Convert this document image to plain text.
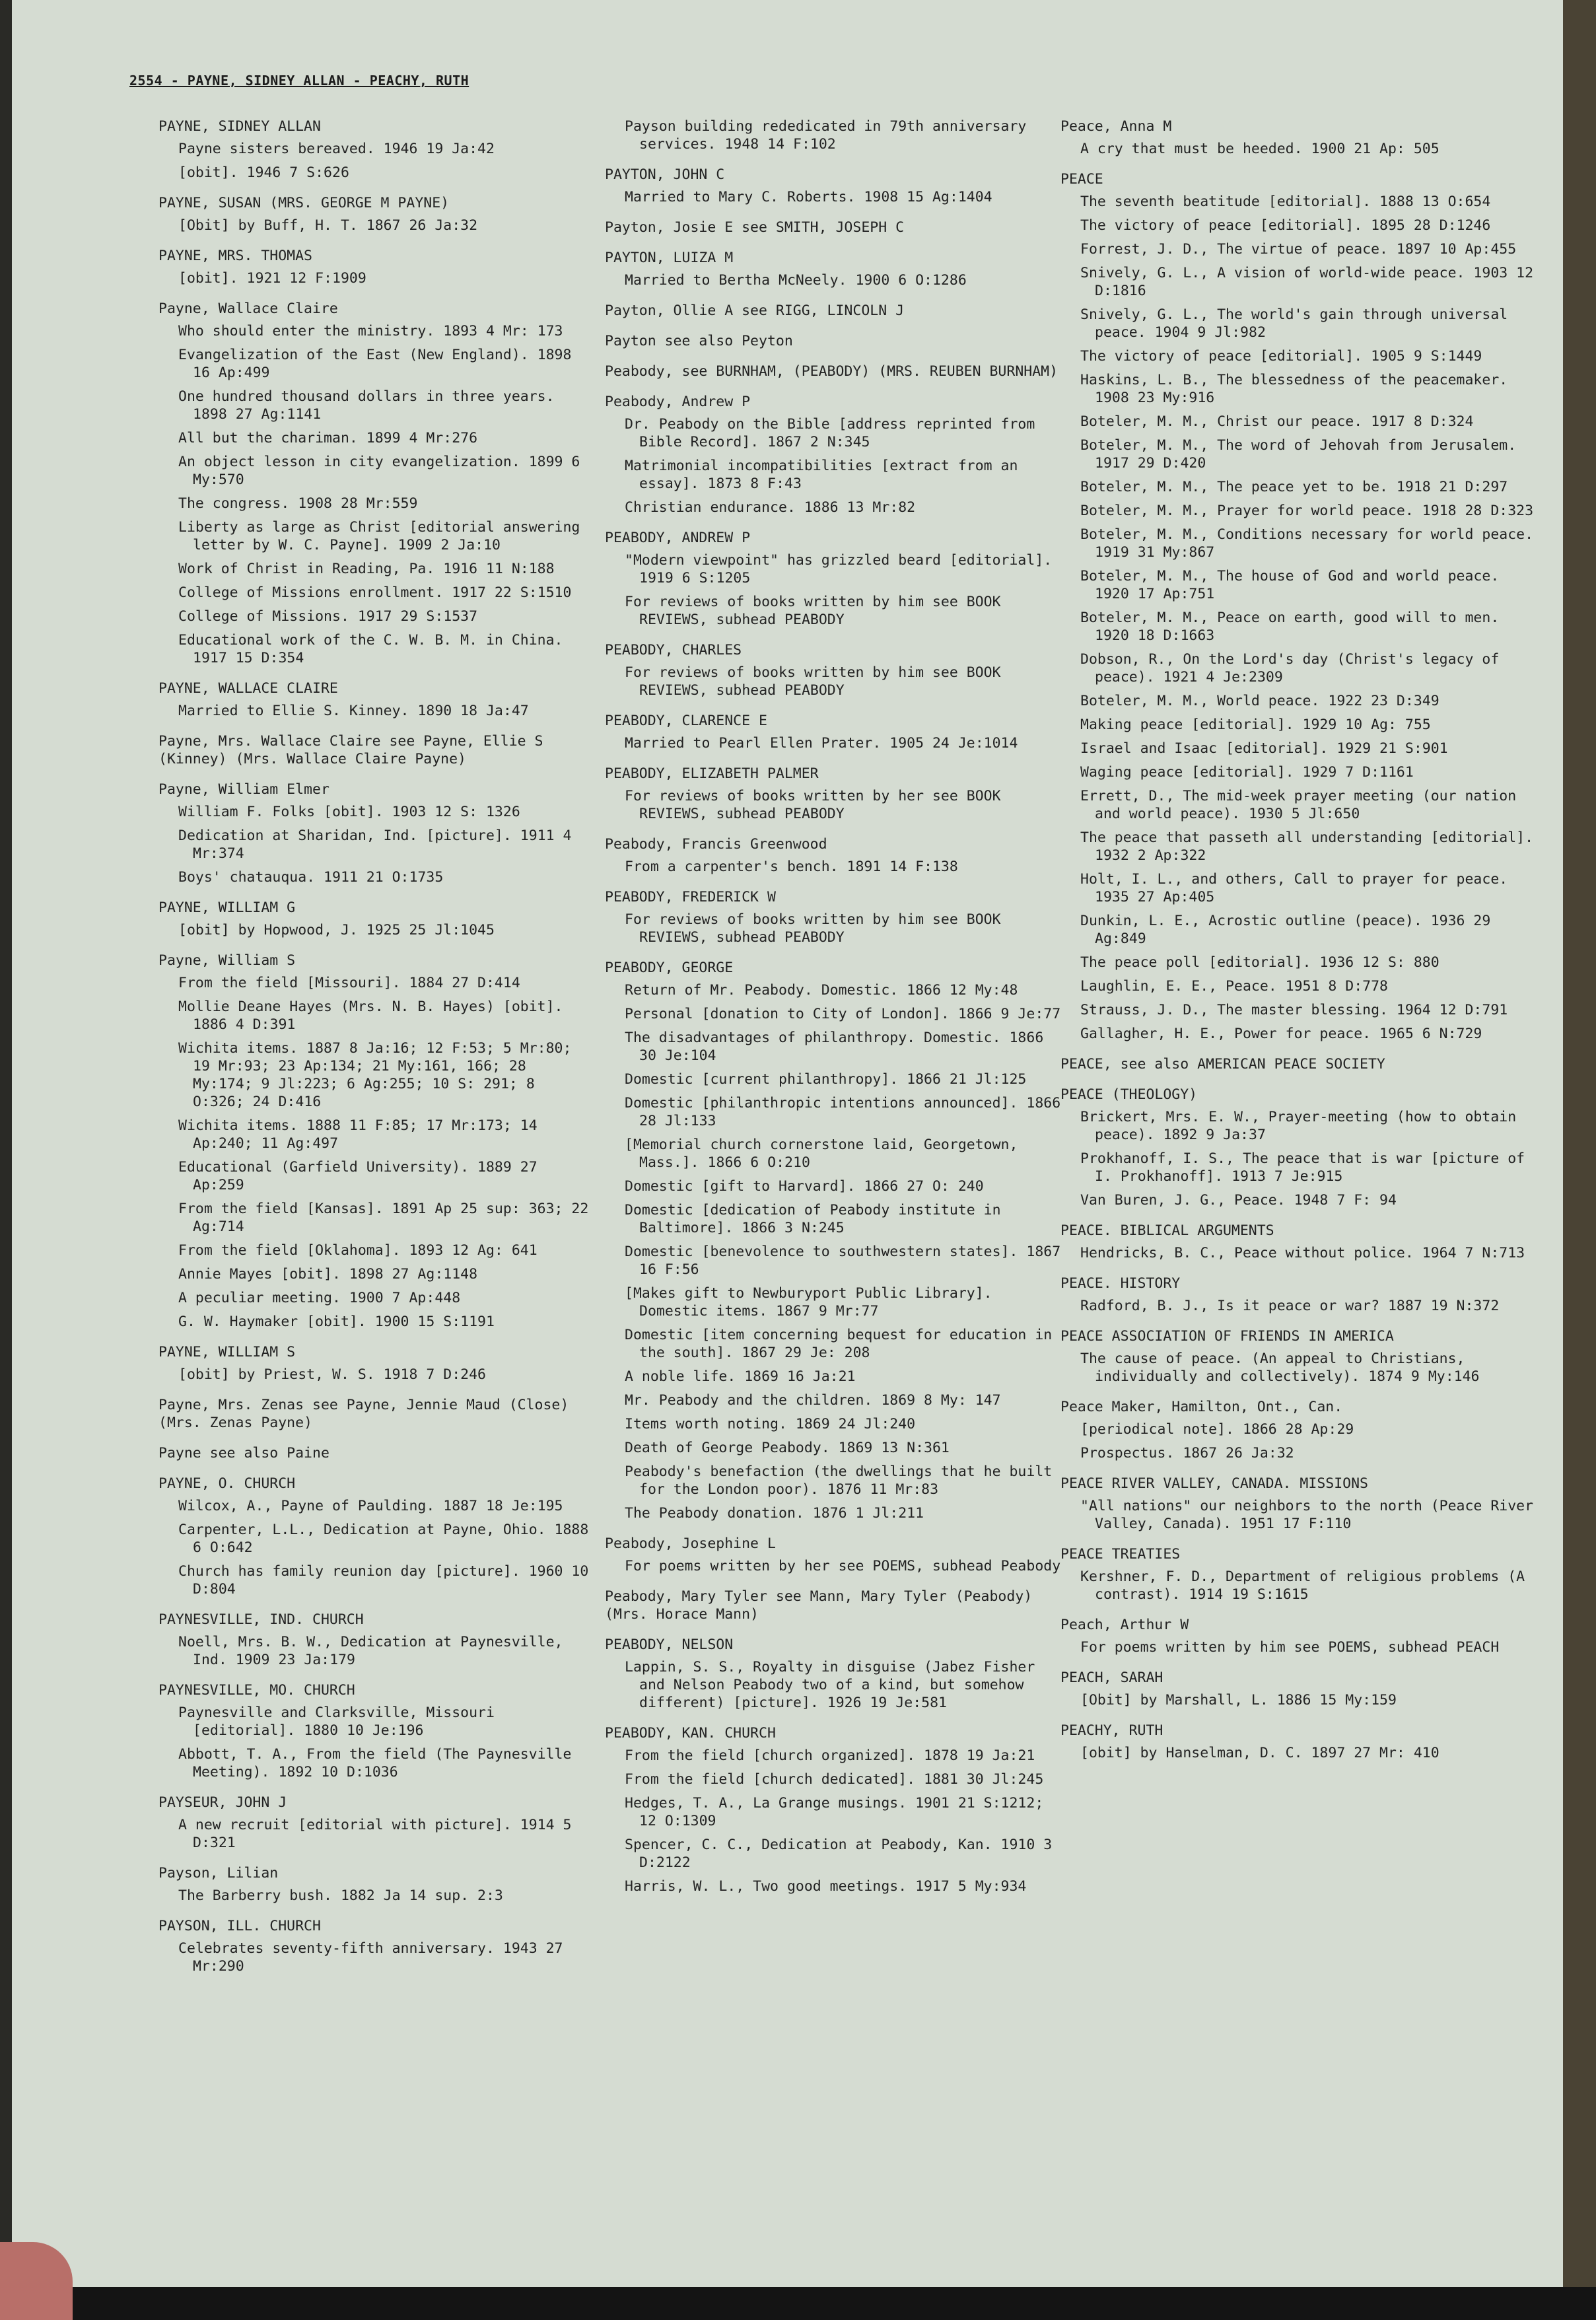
2554 - PAYNE, SIDNEY ALLAN - PEACHY, RUTH
PAYNE, SIDNEY ALLAN
Payne sisters bereaved. 1946 19 Ja:42
[obit]. 1946 7 S:626
PAYNE, SUSAN (MRS. GEORGE M PAYNE)
[Obit] by Buff, H. T. 1867 26 Ja:32
PAYNE, MRS. THOMAS
[obit]. 1921 12 F:1909
Payne, Wallace Claire
Who should enter the ministry. 1893 4 Mr: 173
Evangelization of the East (New England). 1898 16 Ap:499
One hundred thousand dollars in three years. 1898 27 Ag:1141
All but the chariman. 1899 4 Mr:276
An object lesson in city evangelization. 1899 6 My:570
The congress. 1908 28 Mr:559
Liberty as large as Christ [editorial answering letter by W. C. Payne]. 1909 2 Ja:10
Work of Christ in Reading, Pa. 1916 11 N:188
College of Missions enrollment. 1917 22 S:1510
College of Missions. 1917 29 S:1537
Educational work of the C. W. B. M. in China. 1917 15 D:354
PAYNE, WALLACE CLAIRE
Married to Ellie S. Kinney. 1890 18 Ja:47
Payne, Mrs. Wallace Claire see Payne, Ellie S (Kinney) (Mrs. Wallace Claire Payne)
Payne, William Elmer
William F. Folks [obit]. 1903 12 S: 1326
Dedication at Sharidan, Ind. [picture]. 1911 4 Mr:374
Boys' chatauqua. 1911 21 O:1735
PAYNE, WILLIAM G
[obit] by Hopwood, J. 1925 25 Jl:1045
Payne, William S
From the field [Missouri]. 1884 27 D:414
Mollie Deane Hayes (Mrs. N. B. Hayes) [obit]. 1886 4 D:391
Wichita items. 1887 8 Ja:16; 12 F:53; 5 Mr:80; 19 Mr:93; 23 Ap:134; 21 My:161, 166; 28 My:174; 9 Jl:223; 6 Ag:255; 10 S: 291; 8 O:326; 24 D:416
Wichita items. 1888 11 F:85; 17 Mr:173; 14 Ap:240; 11 Ag:497
Educational (Garfield University). 1889 27 Ap:259
From the field [Kansas]. 1891 Ap 25 sup: 363; 22 Ag:714
From the field [Oklahoma]. 1893 12 Ag: 641
Annie Mayes [obit]. 1898 27 Ag:1148
A peculiar meeting. 1900 7 Ap:448
G. W. Haymaker [obit]. 1900 15 S:1191
PAYNE, WILLIAM S
[obit] by Priest, W. S. 1918 7 D:246
Payne, Mrs. Zenas see Payne, Jennie Maud (Close) (Mrs. Zenas Payne)
Payne see also Paine
PAYNE, O. CHURCH
Wilcox, A., Payne of Paulding. 1887 18 Je:195
Carpenter, L.L., Dedication at Payne, Ohio. 1888 6 O:642
Church has family reunion day [picture]. 1960 10 D:804
PAYNESVILLE, IND. CHURCH
Noell, Mrs. B. W., Dedication at Paynesville, Ind. 1909 23 Ja:179
PAYNESVILLE, MO. CHURCH
Paynesville and Clarksville, Missouri [editorial]. 1880 10 Je:196
Abbott, T. A., From the field (The Paynesville Meeting). 1892 10 D:1036
PAYSEUR, JOHN J
A new recruit [editorial with picture]. 1914 5 D:321
Payson, Lilian
The Barberry bush. 1882 Ja 14 sup. 2:3
PAYSON, ILL. CHURCH
Celebrates seventy-fifth anniversary. 1943 27 Mr:290
Payson building rededicated in 79th anniversary services. 1948 14 F:102
PAYTON, JOHN C
Married to Mary C. Roberts. 1908 15 Ag:1404
Payton, Josie E see SMITH, JOSEPH C
PAYTON, LUIZA M
Married to Bertha McNeely. 1900 6 O:1286
Payton, Ollie A see RIGG, LINCOLN J
Payton see also Peyton
Peabody, see BURNHAM, (PEABODY) (MRS. REUBEN BURNHAM)
Peabody, Andrew P
Dr. Peabody on the Bible [address reprinted from Bible Record]. 1867 2 N:345
Matrimonial incompatibilities [extract from an essay]. 1873 8 F:43
Christian endurance. 1886 13 Mr:82
PEABODY, ANDREW P
"Modern viewpoint" has grizzled beard [editorial]. 1919 6 S:1205
For reviews of books written by him see BOOK REVIEWS, subhead PEABODY
PEABODY, CHARLES
For reviews of books written by him see BOOK REVIEWS, subhead PEABODY
PEABODY, CLARENCE E
Married to Pearl Ellen Prater. 1905 24 Je:1014
PEABODY, ELIZABETH PALMER
For reviews of books written by her see BOOK REVIEWS, subhead PEABODY
Peabody, Francis Greenwood
From a carpenter's bench. 1891 14 F:138
PEABODY, FREDERICK W
For reviews of books written by him see BOOK REVIEWS, subhead PEABODY
PEABODY, GEORGE
Return of Mr. Peabody. Domestic. 1866 12 My:48
Personal [donation to City of London]. 1866 9 Je:77
The disadvantages of philanthropy. Domestic. 1866 30 Je:104
Domestic [current philanthropy]. 1866 21 Jl:125
Domestic [philanthropic intentions announced]. 1866 28 Jl:133
[Memorial church cornerstone laid, Georgetown, Mass.]. 1866 6 O:210
Domestic [gift to Harvard]. 1866 27 O: 240
Domestic [dedication of Peabody institute in Baltimore]. 1866 3 N:245
Domestic [benevolence to southwestern states]. 1867 16 F:56
[Makes gift to Newburyport Public Library]. Domestic items. 1867 9 Mr:77
Domestic [item concerning bequest for education in the south]. 1867 29 Je: 208
A noble life. 1869 16 Ja:21
Mr. Peabody and the children. 1869 8 My: 147
Items worth noting. 1869 24 Jl:240
Death of George Peabody. 1869 13 N:361
Peabody's benefaction (the dwellings that he built for the London poor). 1876 11 Mr:83
The Peabody donation. 1876 1 Jl:211
Peabody, Josephine L
For poems written by her see POEMS, subhead Peabody
Peabody, Mary Tyler see Mann, Mary Tyler (Peabody) (Mrs. Horace Mann)
PEABODY, NELSON
Lappin, S. S., Royalty in disguise (Jabez Fisher and Nelson Peabody two of a kind, but somehow different) [picture]. 1926 19 Je:581
PEABODY, KAN. CHURCH
From the field [church organized]. 1878 19 Ja:21
From the field [church dedicated]. 1881 30 Jl:245
Hedges, T. A., La Grange musings. 1901 21 S:1212; 12 O:1309
Spencer, C. C., Dedication at Peabody, Kan. 1910 3 D:2122
Harris, W. L., Two good meetings. 1917 5 My:934
Peace, Anna M
A cry that must be heeded. 1900 21 Ap: 505
PEACE
The seventh beatitude [editorial]. 1888 13 O:654
The victory of peace [editorial]. 1895 28 D:1246
Forrest, J. D., The virtue of peace. 1897 10 Ap:455
Snively, G. L., A vision of world-wide peace. 1903 12 D:1816
Snively, G. L., The world's gain through universal peace. 1904 9 Jl:982
The victory of peace [editorial]. 1905 9 S:1449
Haskins, L. B., The blessedness of the peacemaker. 1908 23 My:916
Boteler, M. M., Christ our peace. 1917 8 D:324
Boteler, M. M., The word of Jehovah from Jerusalem. 1917 29 D:420
Boteler, M. M., The peace yet to be. 1918 21 D:297
Boteler, M. M., Prayer for world peace. 1918 28 D:323
Boteler, M. M., Conditions necessary for world peace. 1919 31 My:867
Boteler, M. M., The house of God and world peace. 1920 17 Ap:751
Boteler, M. M., Peace on earth, good will to men. 1920 18 D:1663
Dobson, R., On the Lord's day (Christ's legacy of peace). 1921 4 Je:2309
Boteler, M. M., World peace. 1922 23 D:349
Making peace [editorial]. 1929 10 Ag: 755
Israel and Isaac [editorial]. 1929 21 S:901
Waging peace [editorial]. 1929 7 D:1161
Errett, D., The mid-week prayer meeting (our nation and world peace). 1930 5 Jl:650
The peace that passeth all understanding [editorial]. 1932 2 Ap:322
Holt, I. L., and others, Call to prayer for peace. 1935 27 Ap:405
Dunkin, L. E., Acrostic outline (peace). 1936 29 Ag:849
The peace poll [editorial]. 1936 12 S: 880
Laughlin, E. E., Peace. 1951 8 D:778
Strauss, J. D., The master blessing. 1964 12 D:791
Gallagher, H. E., Power for peace. 1965 6 N:729
PEACE, see also AMERICAN PEACE SOCIETY
PEACE (THEOLOGY)
Brickert, Mrs. E. W., Prayer-meeting (how to obtain peace). 1892 9 Ja:37
Prokhanoff, I. S., The peace that is war [picture of I. Prokhanoff]. 1913 7 Je:915
Van Buren, J. G., Peace. 1948 7 F: 94
PEACE. BIBLICAL ARGUMENTS
Hendricks, B. C., Peace without police. 1964 7 N:713
PEACE. HISTORY
Radford, B. J., Is it peace or war? 1887 19 N:372
PEACE ASSOCIATION OF FRIENDS IN AMERICA
The cause of peace. (An appeal to Christians, individually and collectively). 1874 9 My:146
Peace Maker, Hamilton, Ont., Can.
[periodical note]. 1866 28 Ap:29
Prospectus. 1867 26 Ja:32
PEACE RIVER VALLEY, CANADA. MISSIONS
"All nations" our neighbors to the north (Peace River Valley, Canada). 1951 17 F:110
PEACE TREATIES
Kershner, F. D., Department of religious problems (A contrast). 1914 19 S:1615
Peach, Arthur W
For poems written by him see POEMS, subhead PEACH
PEACH, SARAH
[Obit] by Marshall, L. 1886 15 My:159
PEACHY, RUTH
[obit] by Hanselman, D. C. 1897 27 Mr: 410
